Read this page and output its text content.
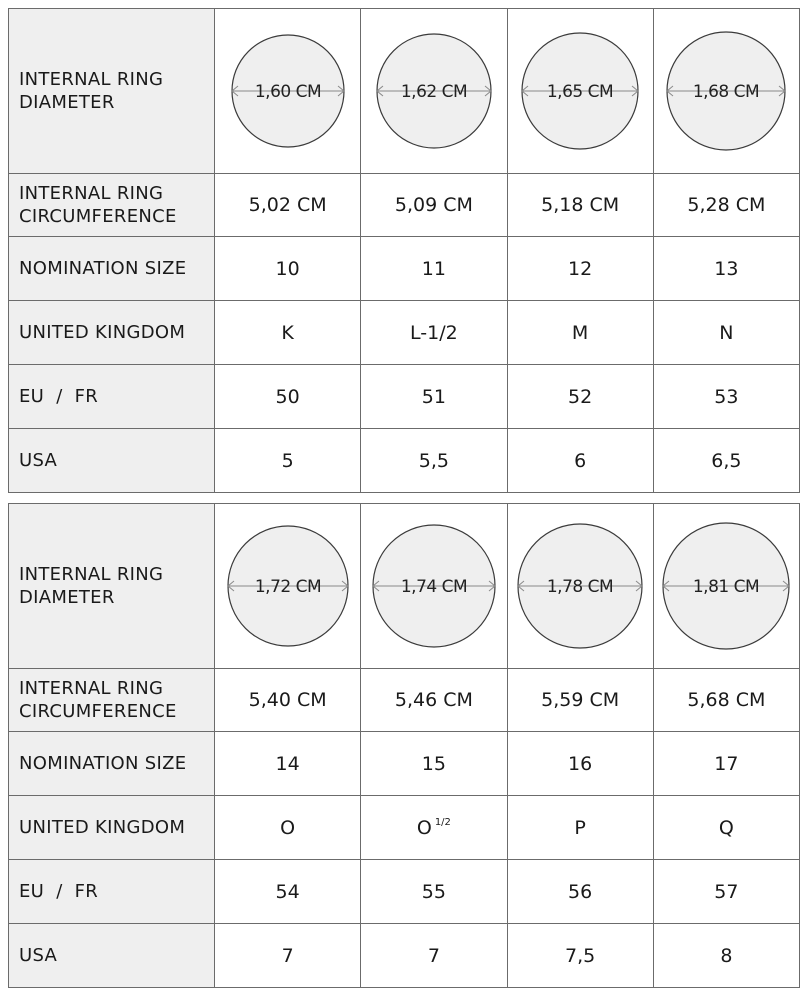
INTERNAL RING
DIAMETER	1,60 CM	1,62 CM	1,65 CM	1,68 CM

INTERNAL RING
CIRCUMFERENCE	5,02 CM	5,09 CM	5,18 CM	5,28 CM
NOMINATION SIZE	10	11	12	13
UNITED KINGDOM	K	L-1/2	M	N
EU  /  FR	50	51	52	53
USA	5	5,5	6	6,5
INTERNAL RING
DIAMETER	1,72 CM	1,74 CM	1,78 CM	1,81 CM

INTERNAL RING
CIRCUMFERENCE	5,40 CM	5,46 CM	5,59 CM	5,68 CM
NOMINATION SIZE	14	15	16	17
UNITED KINGDOM	O	O $^{1/2}$	P	Q
EU  /  FR	54	55	56	57
USA	7	7	7,5	8
